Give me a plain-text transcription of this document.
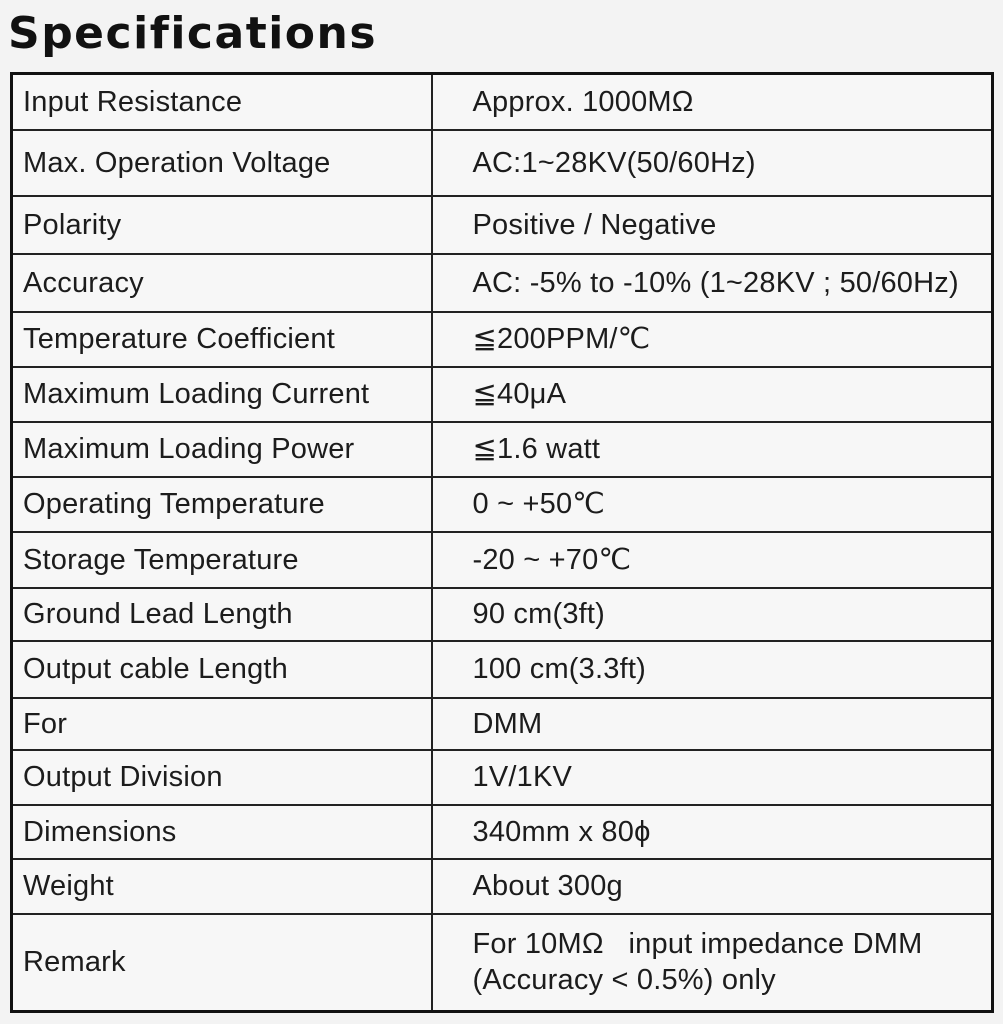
Specifications
Input Resistance	Approx. 1000MΩ
Max. Operation Voltage	AC:1~28KV(50/60Hz)
Polarity	Positive / Negative
Accuracy	AC: -5% to -10% (1~28KV ; 50/60Hz)
Temperature Coefficient	≦200PPM/℃
Maximum Loading Current	≦40μA
Maximum Loading Power	≦1.6 watt
Operating Temperature	0 ~ +50℃
Storage Temperature	-20 ~ +70℃
Ground Lead Length	90 cm(3ft)
Output cable Length	100 cm(3.3ft)
For	DMM
Output Division	1V/1KV
Dimensions	340mm x 80ϕ
Weight	About 300g
Remark	For 10MΩ   input impedance DMM
(Accuracy < 0.5%) only
